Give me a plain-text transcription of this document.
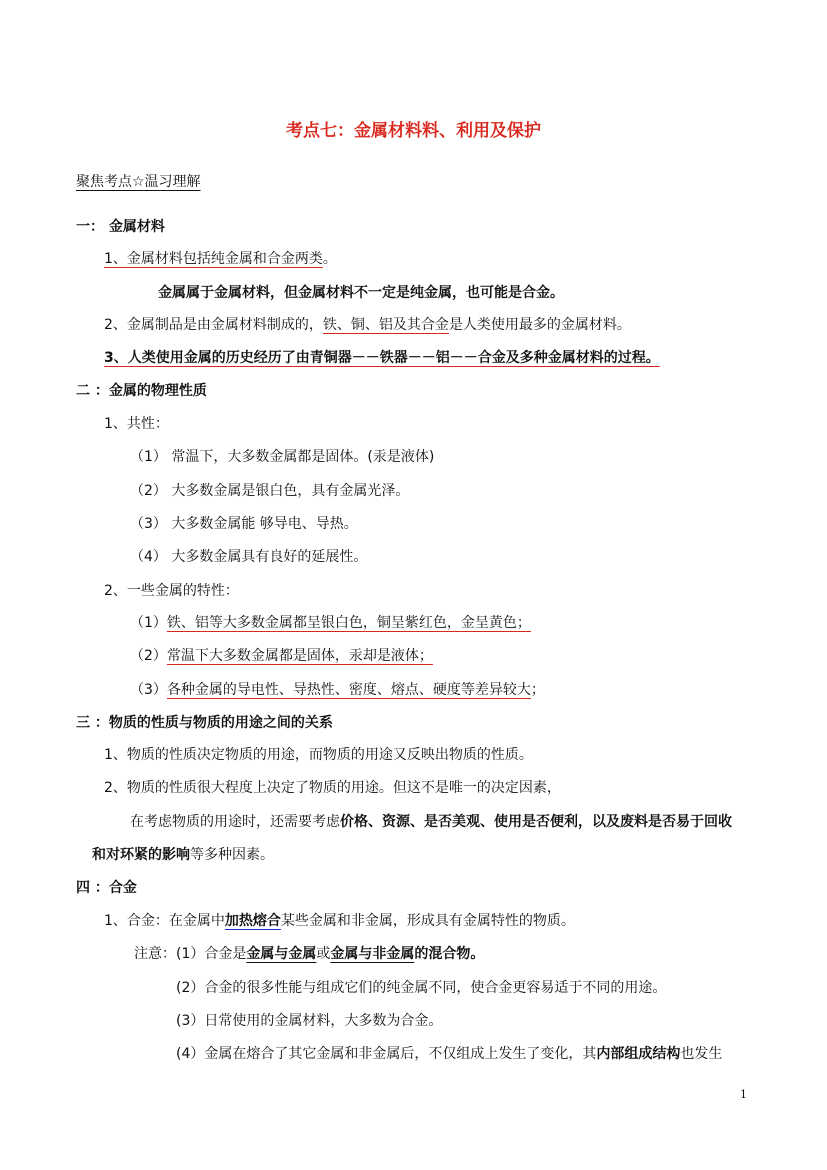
考点七：金属材料料、利用及保护
聚焦考点☆温习理解
一： 金属材料
1、金属材料包括纯金属和合金两类。
金属属于金属材料，但金属材料不一定是纯金属，也可能是合金。
2、金属制品是由金属材料制成的，铁、铜、铝及其合金是人类使用最多的金属材料。
3、人类使用金属的历史经历了由青铜器－－铁器－－铝－－合金及多种金属材料的过程。
二 ：金属的物理性质
1、共性：
（1） 常温下，大多数金属都是固体。(汞是液体)
（2） 大多数金属是银白色，具有金属光泽。
（3） 大多数金属能 够导电、导热。
（4） 大多数金属具有良好的延展性。
2、一些金属的特性：
（1）铁、铝等大多数金属都呈银白色，铜呈紫红色，金呈黄色；
（2）常温下大多数金属都是固体，汞却是液体；
（3）各种金属的导电性、导热性、密度、熔点、硬度等差异较大；
三 ：物质的性质与物质的用途之间的关系
1、物质的性质决定物质的用途，而物质的用途又反映出物质的性质。
2、物质的性质很大程度上决定了物质的用途。但这不是唯一的决定因素，
在考虑物质的用途时，还需要考虑价格、资源、是否美观、使用是否便利，以及废料是否易于回收
和对环紧的影响等多种因素。
四 ：合金
1、合金：在金属中加热熔合某些金属和非金属，形成具有金属特性的物质。
注意：(1）合金是金属与金属或金属与非金属的混合物。
(2）合金的很多性能与组成它们的纯金属不同，使合金更容易适于不同的用途。
(3）日常使用的金属材料，大多数为合金。
(4）金属在熔合了其它金属和非金属后，不仅组成上发生了变化，其内部组成结构也发生
1
